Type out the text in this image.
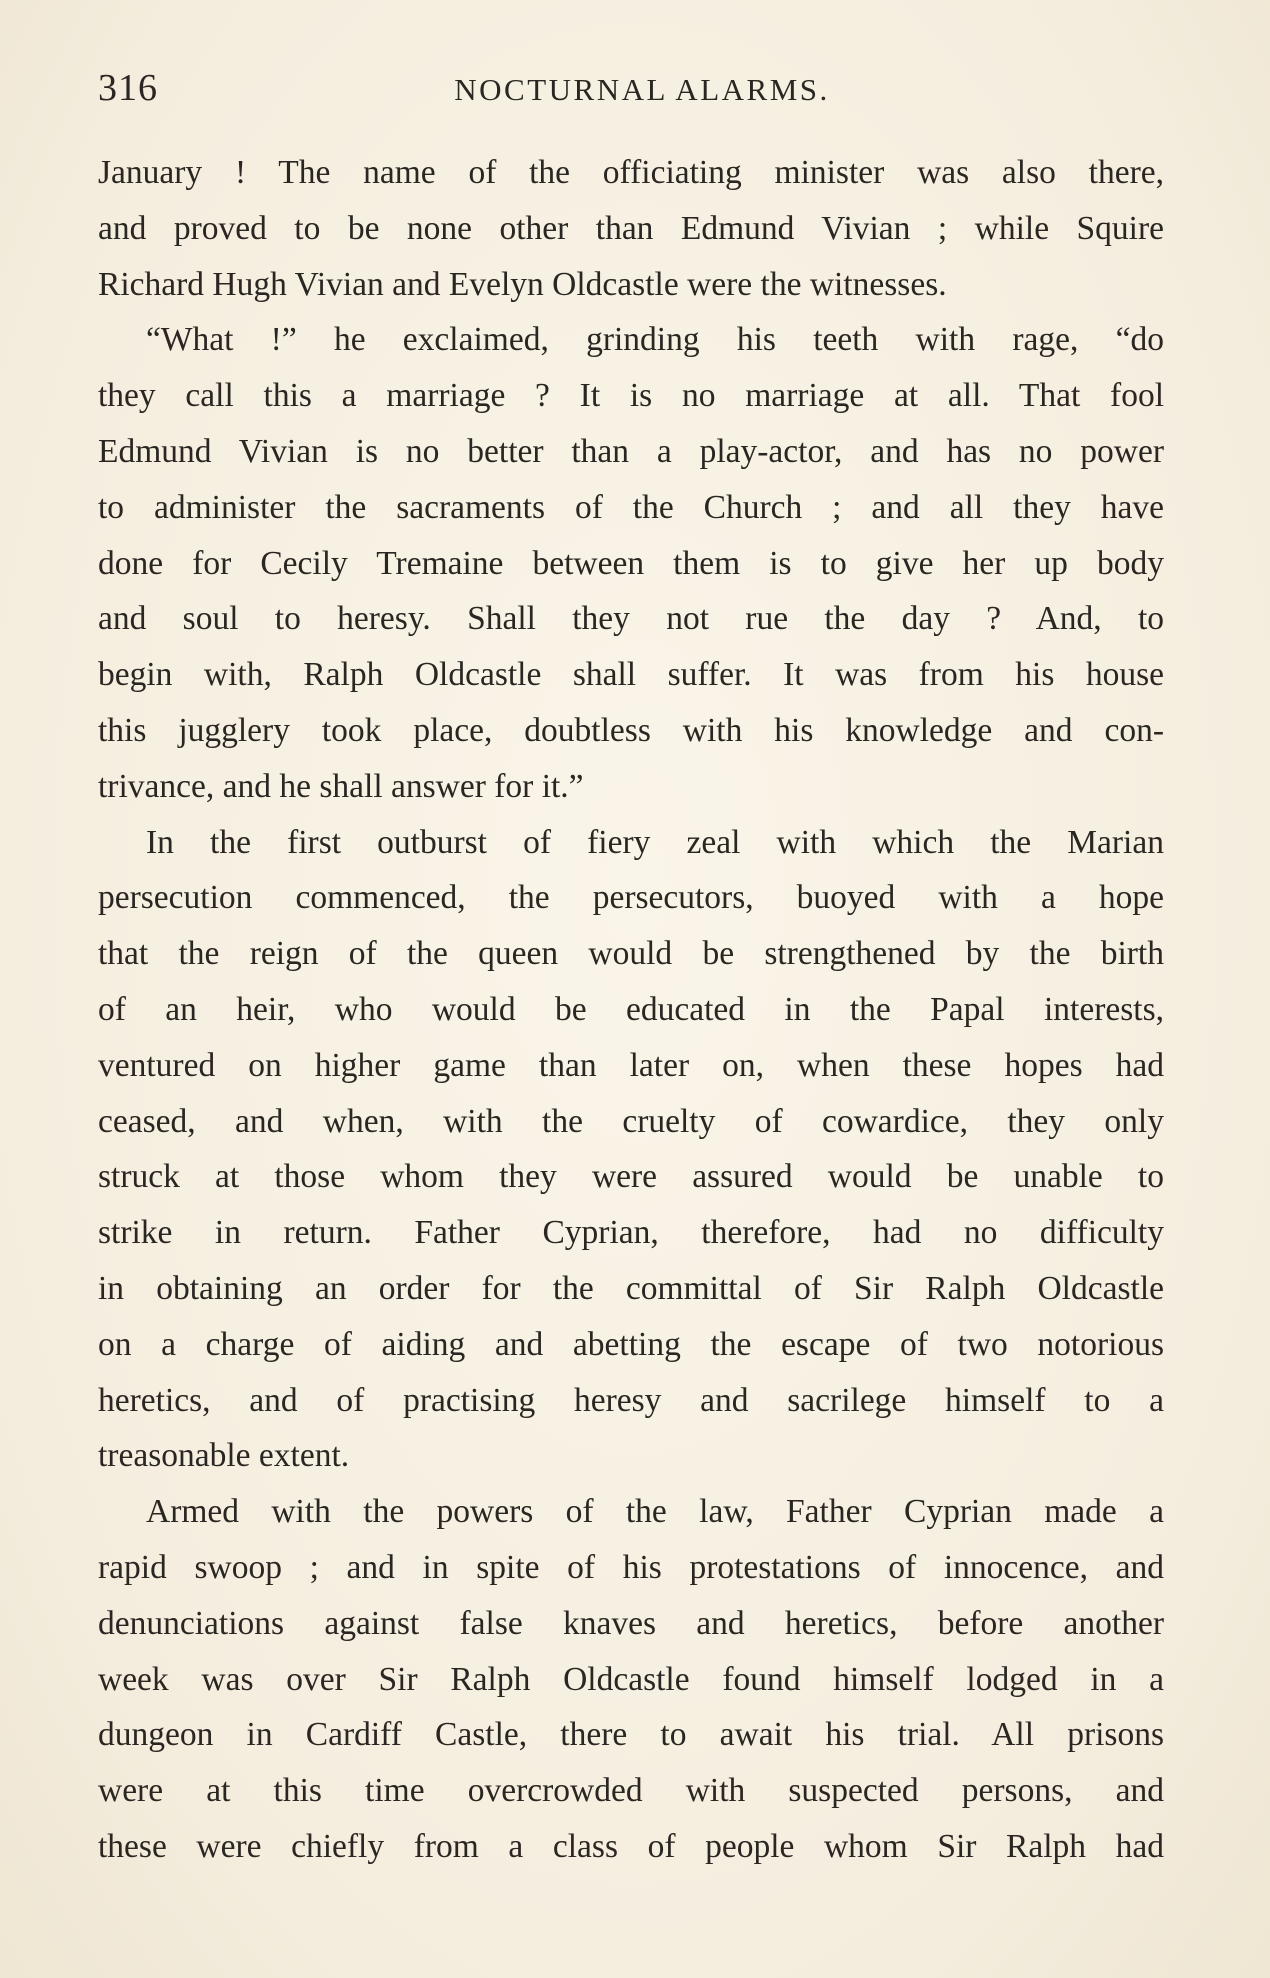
316	NOCTURNAL ALARMS.
January ! The name of the officiating minister was also there,
and proved to be none other than Edmund Vivian ; while Squire
Richard Hugh Vivian and Evelyn Oldcastle were the witnesses.
“What !” he exclaimed, grinding his teeth with rage, “do
they call this a marriage ? It is no marriage at all. That fool
Edmund Vivian is no better than a play-actor, and has no power
to administer the sacraments of the Church ; and all they have
done for Cecily Tremaine between them is to give her up body
and soul to heresy. Shall they not rue the day ? And, to
begin with, Ralph Oldcastle shall suffer. It was from his house
this jugglery took place, doubtless with his knowledge and con-
trivance, and he shall answer for it.”
In the first outburst of fiery zeal with which the Marian
persecution commenced, the persecutors, buoyed with a hope
that the reign of the queen would be strengthened by the birth
of an heir, who would be educated in the Papal interests,
ventured on higher game than later on, when these hopes had
ceased, and when, with the cruelty of cowardice, they only
struck at those whom they were assured would be unable to
strike in return. Father Cyprian, therefore, had no difficulty
in obtaining an order for the committal of Sir Ralph Oldcastle
on a charge of aiding and abetting the escape of two notorious
heretics, and of practising heresy and sacrilege himself to a
treasonable extent.
Armed with the powers of the law, Father Cyprian made a
rapid swoop ; and in spite of his protestations of innocence, and
denunciations against false knaves and heretics, before another
week was over Sir Ralph Oldcastle found himself lodged in a
dungeon in Cardiff Castle, there to await his trial. All prisons
were at this time overcrowded with suspected persons, and
these were chiefly from a class of people whom Sir Ralph had
